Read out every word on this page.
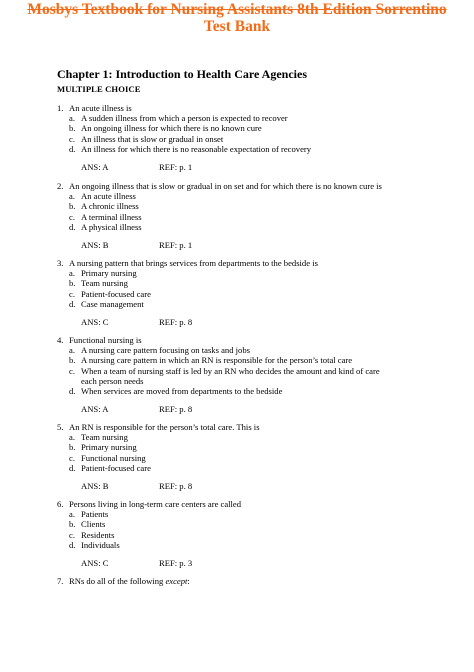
Mosbys Textbook for Nursing Assistants 8th Edition Sorrentino
Test Bank
Chapter 1: Introduction to Health Care Agencies
MULTIPLE CHOICE
1. An acute illness is
a. A sudden illness from which a person is expected to recover
b. An ongoing illness for which there is no known cure
c. An illness that is slow or gradual in onset
d. An illness for which there is no reasonable expectation of recovery
ANS: A	REF: p. 1
2. An ongoing illness that is slow or gradual in on set and for which there is no known cure is
a. An acute illness
b. A chronic illness
c. A terminal illness
d. A physical illness
ANS: B	REF: p. 1
3. A nursing pattern that brings services from departments to the bedside is
a. Primary nursing
b. Team nursing
c. Patient-focused care
d. Case management
ANS: C	REF: p. 8
4. Functional nursing is
a. A nursing care pattern focusing on tasks and jobs
b. A nursing care pattern in which an RN is responsible for the person’s total care
c. When a team of nursing staff is led by an RN who decides the amount and kind of care each person needs
d. When services are moved from departments to the bedside
ANS: A	REF: p. 8
5. An RN is responsible for the person’s total care. This is
a. Team nursing
b. Primary nursing
c. Functional nursing
d. Patient-focused care
ANS: B	REF: p. 8
6. Persons living in long-term care centers are called
a. Patients
b. Clients
c. Residents
d. Individuals
ANS: C	REF: p. 3
7. RNs do all of the following except:
